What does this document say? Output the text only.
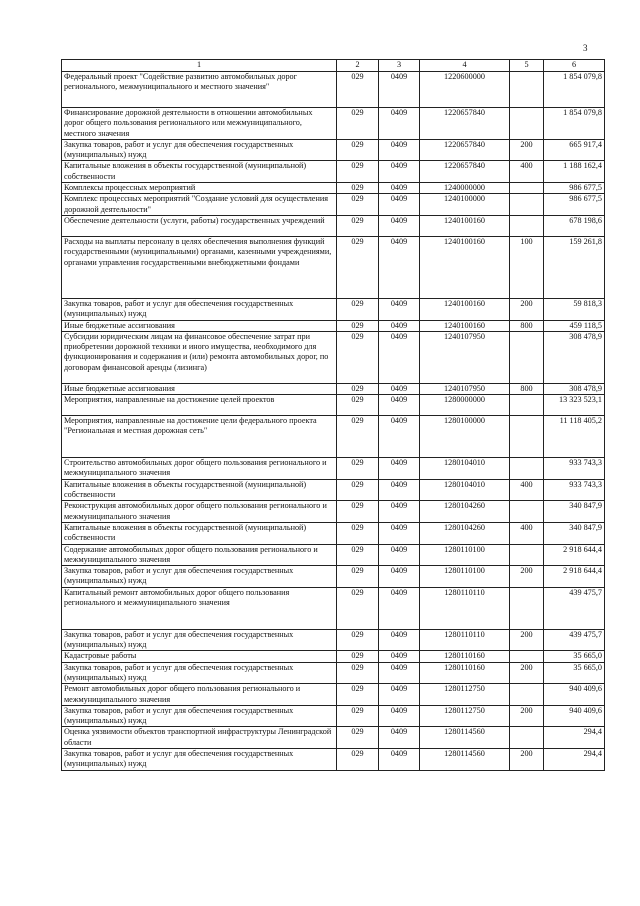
3
1	2	3	4	5	6
Федеральный проект "Содействие развитию автомобильных дорог регионального, межмуниципального и местного значения"	029	0409	1220600000		1 854 079,8
Финансирование дорожной деятельности в отношении автомобильных дорог общего пользования регионального или межмуниципального, местного значения	029	0409	1220657840		1 854 079,8
Закупка товаров, работ и услуг для обеспечения государственных (муниципальных) нужд	029	0409	1220657840	200	665 917,4
Капитальные вложения в объекты государственной (муниципальной) собственности	029	0409	1220657840	400	1 188 162,4
Комплексы процессных мероприятий	029	0409	1240000000		986 677,5
Комплекс процессных мероприятий "Создание условий для осуществления дорожной деятельности"	029	0409	1240100000		986 677,5
Обеспечение деятельности (услуги, работы) государственных учреждений	029	0409	1240100160		678 198,6
Расходы на выплаты персоналу в целях обеспечения выполнения функций государственными (муниципальными) органами, казенными учреждениями, органами управления государственными внебюджетными фондами	029	0409	1240100160	100	159 261,8
Закупка товаров, работ и услуг для обеспечения государственных (муниципальных) нужд	029	0409	1240100160	200	59 818,3
Иные бюджетные ассигнования	029	0409	1240100160	800	459 118,5
Субсидии юридическим лицам на финансовое обеспечение затрат при приобретении дорожной техники и иного имущества, необходимого для функционирования и содержания и (или) ремонта автомобильных дорог, по договорам финансовой аренды (лизинга)	029	0409	1240107950		308 478,9
Иные бюджетные ассигнования	029	0409	1240107950	800	308 478,9
Мероприятия, направленные на достижение целей проектов	029	0409	1280000000		13 323 523,1
Мероприятия, направленные на достижение цели федерального проекта "Региональная и местная дорожная сеть"	029	0409	1280100000		11 118 405,2
Строительство автомобильных дорог общего пользования регионального и межмуниципального значения	029	0409	1280104010		933 743,3
Капитальные вложения в объекты государственной (муниципальной) собственности	029	0409	1280104010	400	933 743,3
Реконструкция автомобильных дорог общего пользования регионального и межмуниципального значения	029	0409	1280104260		340 847,9
Капитальные вложения в объекты государственной (муниципальной) собственности	029	0409	1280104260	400	340 847,9
Содержание автомобильных дорог общего пользования регионального и межмуниципального значения	029	0409	1280110100		2 918 644,4
Закупка товаров, работ и услуг для обеспечения государственных (муниципальных) нужд	029	0409	1280110100	200	2 918 644,4
Капитальный ремонт автомобильных дорог общего пользования регионального и межмуниципального значения	029	0409	1280110110		439 475,7
Закупка товаров, работ и услуг для обеспечения государственных (муниципальных) нужд	029	0409	1280110110	200	439 475,7
Кадастровые работы	029	0409	1280110160		35 665,0
Закупка товаров, работ и услуг для обеспечения государственных (муниципальных) нужд	029	0409	1280110160	200	35 665,0
Ремонт автомобильных дорог общего пользования регионального и межмуниципального значения	029	0409	1280112750		940 409,6
Закупка товаров, работ и услуг для обеспечения государственных (муниципальных) нужд	029	0409	1280112750	200	940 409,6
Оценка уязвимости объектов транспортной инфраструктуры Ленинградской области	029	0409	1280114560		294,4
Закупка товаров, работ и услуг для обеспечения государственных (муниципальных) нужд	029	0409	1280114560	200	294,4
